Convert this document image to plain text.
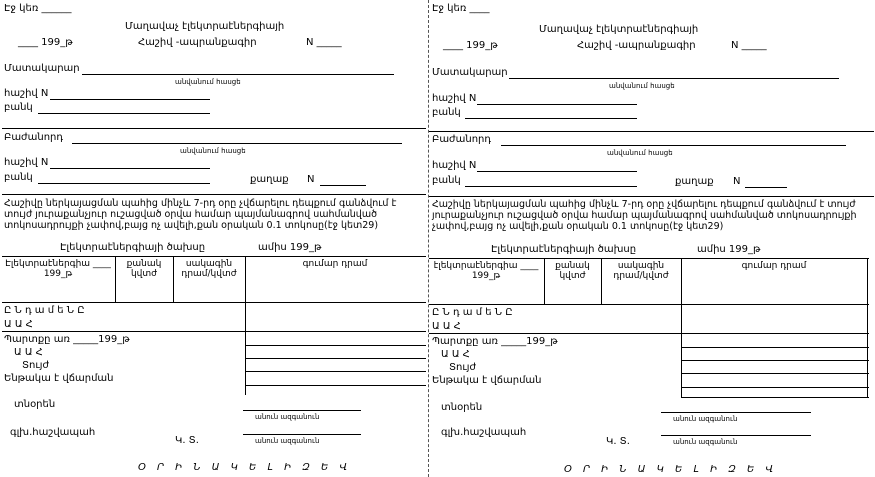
Էջ կեռ ______
Մաղավաչ էլեկտրաէներգիայի
____ 199_թ	Հաշիվ -ապրանքագիր	N _____
Մատակարար
անվանում հասցե
հաշիվ N
բանկ
Բաժանորդ
անվանում հասցե
հաշիվ N
բանկ	քաղաք N
Հաշիվը ներկայացման պահից մինչև 7-րդ օրը չվճարելու դեպքում գանձվում է տույժ յուրաքանչյուր ուշացված օրվա համար պայմանագրով սահմանված տոկոսադրույքի չափով,բայց ոչ ավելի,քան օրական 0.1 տոկոսը(էջ կետ29)
Էլեկտրաէներգիայի ծախսը	ամիս 199_թ
Էլեկտրաէներգիա ____ 199_թ
քանակ կվտժ
սակագին դրամ/կվտժ
գումար դրամ
Ը Ն դ ա մ ե Ն Ը
Ա Ա Հ
Պարտքը առ _____199_թ
Ա Ա Հ
Տույժ
Ենթակա է վճարման
տնօրեն
անուն ազգանուն
գլխ.հաշվապահ
Կ. Տ.	անուն ազգանուն
Օ Ր Ի Ն Ա Կ Ե Լ Ի Զ Ե Վ
Էջ կեռ ____
Մաղավաչ էլեկտրաէներգիայի
____ 199_թ	Հաշիվ -ապրանքագիր	N _____
Մատակարար
անվանում հասցե
հաշիվ N
բանկ
Բաժանորդ
անվանում հասցե
հաշիվ N
բանկ	քաղաք N
Հաշիվը ներկայացման պահից մինչև 7-րդ օրը չվճարելու դեպքում գանձվում է տույժ յուրաքանչյուր ուշացված օրվա համար պայմանագրով սահմանված տոկոսադրույքի չափով,բայց ոչ ավելի,քան օրական 0.1 տոկոսը(էջ կետ29)
Էլեկտրաէներգիայի ծախսը	ամիս 199_թ
էլեկտրաէներգիա ____ 199_թ
քանակ կվտժ
սակագին դրամ/կվտժ
գումար դրամ
Ը Ն դ ա մ ե Ն Ը
Ա Ա Հ
Պարտքը առ _____199_թ
Ա Ա Հ
Տույժ
Ենթակա է վճարման
տնօրեն
անուն ազգանուն
գլխ.հաշվապահ
Կ. Տ.	անուն ազգանուն
Օ Ր Ի Ն Ա Կ Ե Լ Ի Զ Ե Վ
